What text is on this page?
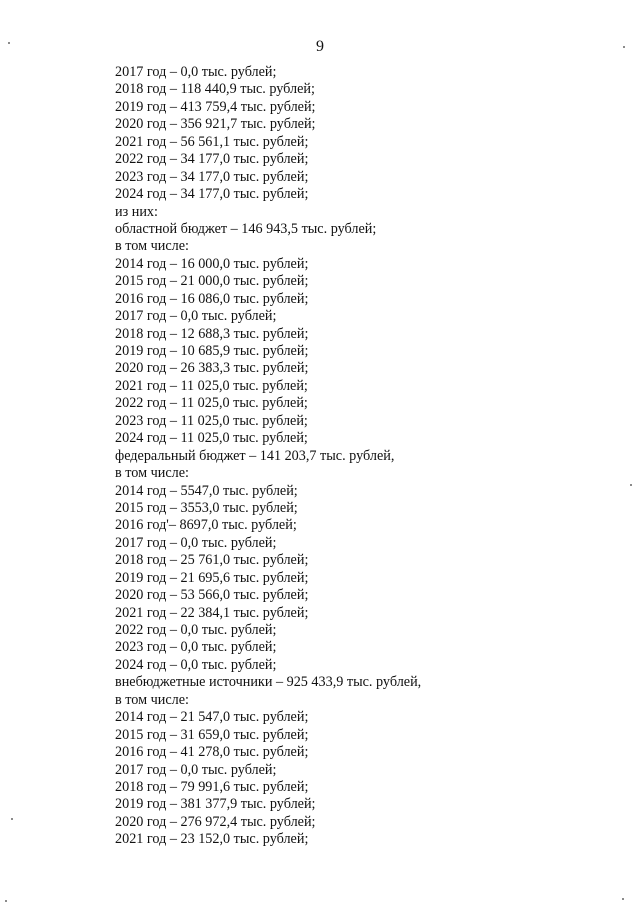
9
2017 год – 0,0 тыс. рублей;
2018 год – 118 440,9 тыс. рублей;
2019 год – 413 759,4 тыс. рублей;
2020 год – 356 921,7 тыс. рублей;
2021 год – 56 561,1 тыс. рублей;
2022 год – 34 177,0 тыс. рублей;
2023 год – 34 177,0 тыс. рублей;
2024 год – 34 177,0 тыс. рублей;
из них:
областной бюджет – 146 943,5 тыс. рублей;
в том числе:
2014 год – 16 000,0 тыс. рублей;
2015 год – 21 000,0 тыс. рублей;
2016 год – 16 086,0 тыс. рублей;
2017 год – 0,0 тыс. рублей;
2018 год – 12 688,3 тыс. рублей;
2019 год – 10 685,9 тыс. рублей;
2020 год – 26 383,3 тыс. рублей;
2021 год – 11 025,0 тыс. рублей;
2022 год – 11 025,0 тыс. рублей;
2023 год – 11 025,0 тыс. рублей;
2024 год – 11 025,0 тыс. рублей;
федеральный бюджет – 141 203,7 тыс. рублей,
в том числе:
2014 год – 5547,0 тыс. рублей;
2015 год – 3553,0 тыс. рублей;
2016 год'– 8697,0 тыс. рублей;
2017 год – 0,0 тыс. рублей;
2018 год – 25 761,0 тыс. рублей;
2019 год – 21 695,6 тыс. рублей;
2020 год – 53 566,0 тыс. рублей;
2021 год – 22 384,1 тыс. рублей;
2022 год – 0,0 тыс. рублей;
2023 год – 0,0 тыс. рублей;
2024 год – 0,0 тыс. рублей;
внебюджетные источники – 925 433,9 тыс. рублей,
в том числе:
2014 год – 21 547,0 тыс. рублей;
2015 год – 31 659,0 тыс. рублей;
2016 год – 41 278,0 тыс. рублей;
2017 год – 0,0 тыс. рублей;
2018 год – 79 991,6 тыс. рублей;
2019 год – 381 377,9 тыс. рублей;
2020 год – 276 972,4 тыс. рублей;
2021 год – 23 152,0 тыс. рублей;
